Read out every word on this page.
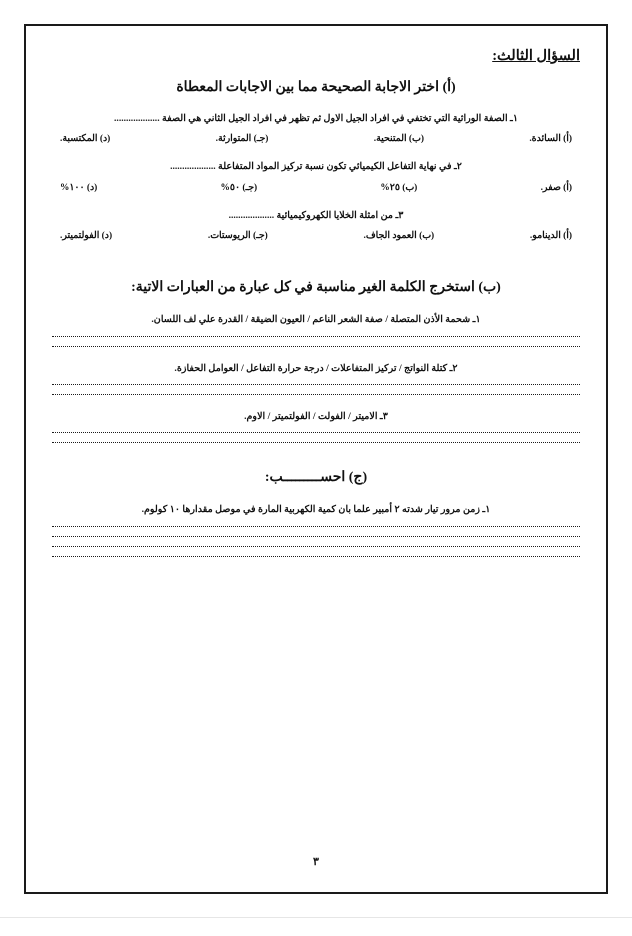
السؤال الثالث:
(أ) اختر الاجابة الصحيحة مما بين الاجابات المعطاة
١ـ الصفة الوراثية التي تختفي في افراد الجيل الاول ثم تظهر في افراد الجيل الثاني هي الصفة ...................
(أ) السائدة.
(ب) المتنحية.
(جـ) المتوارثة.
(د) المكتسبة.
٢ـ في نهاية التفاعل الكيميائي تكون نسبة تركيز المواد المتفاعلة ...................
(أ) صفر.
(ب) ٢٥%
(جـ) ٥٠%
(د) ١٠٠%
٣ـ من امثلة الخلايا الكهروكيميائية ...................
(أ) الدينامو.
(ب) العمود الجاف.
(جـ) الريوستات.
(د) الفولتميتر.
(ب) استخرج الكلمة الغير مناسبة في كل عبارة من العبارات الاتية:
١ـ شحمة الأذن المتصلة / صفة الشعر الناعم / العيون الضيقة / القدرة علي لف اللسان.
٢ـ كتلة النواتج / تركيز المتفاعلات / درجة حرارة التفاعل / العوامل الحفازة.
٣ـ الاميتر / الفولت / الفولتميتر / الاوم.
(ج) احســـــــــب:
١ـ زمن مرور تيار شدته ٢ أمبير علما بان كمية الكهربية المارة في موصل مقدارها ١٠ كولوم.
٣
